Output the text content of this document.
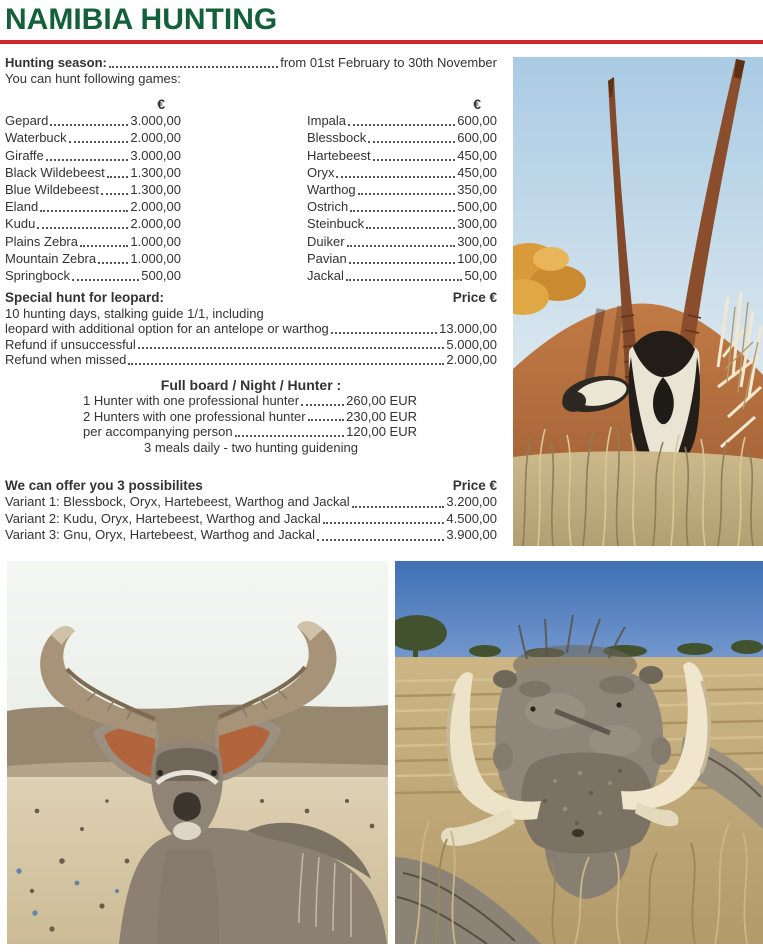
NAMIBIA HUNTING
Hunting season:	from 01st February to 30th November
You can hunt following games:
€
Gepard	3.000,00
Waterbuck	2.000,00
Giraffe	3.000,00
Black Wildebeest 1.300,00
Blue Wildebeest 1.300,00
Eland	2.000,00
Kudu	2.000,00
Plains Zebra	1.000,00
Mountain Zebra	1.000,00
Springbock	500,00
€
Impala	600,00
Blessbock	600,00
Hartebeest	450,00
Oryx	450,00
Warthog	350,00
Ostrich	500,00
Steinbuck	300,00
Duiker	300,00
Pavian	100,00
Jackal	50,00
Special hunt for leopard:	Price €
10 hunting days, stalking guide 1/1, including
leopard with additional option for an antelope or warthog	13.000,00
Refund if unsuccessful	5.000,00
Refund when missed	2.000,00
Full board / Night / Hunter :
1 Hunter with one professional hunter	260,00 EUR
2 Hunters with one professional hunter	230,00 EUR
per accompanying person	120,00 EUR
3 meals daily - two hunting guidening
We can offer you 3 possibilites	Price €
Variant 1: Blessbock, Oryx, Hartebeest, Warthog and Jackal	3.200,00
Variant 2: Kudu, Oryx, Hartebeest, Warthog and Jackal	4.500,00
Variant 3: Gnu, Oryx, Hartebeest, Warthog and Jackal	3.900,00
